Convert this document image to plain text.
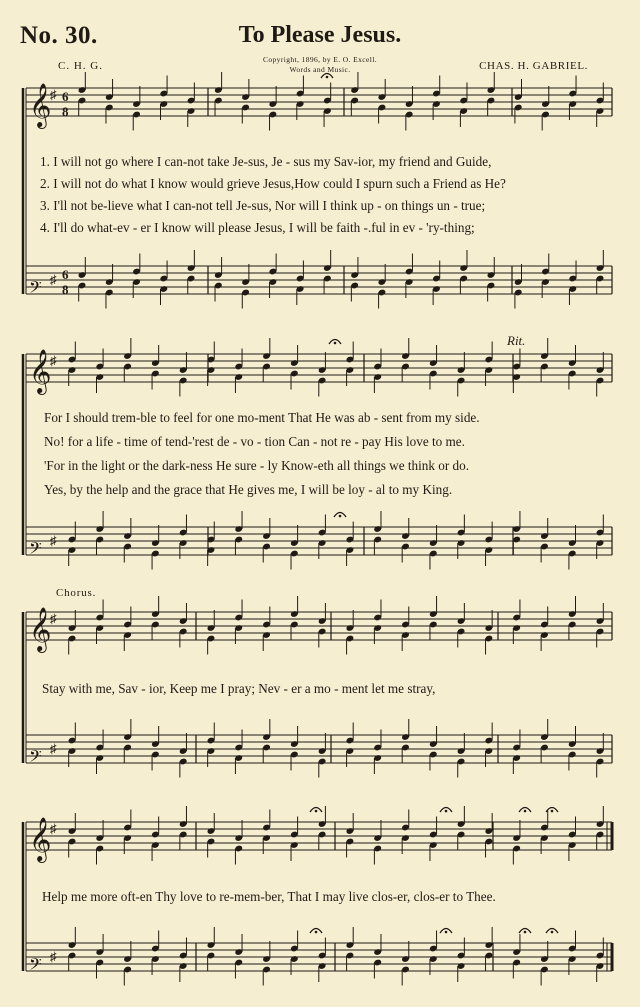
No. 30.	To Please Jesus.
C. H. G.
Copyright, 1896, by E. O. Excell.
Words and Music.	CHAS. H. GABRIEL.
𝄞
♯ 6
8
𝄢 ♯ 6
8
𝄞
♯
𝄢 ♯
𝄞
♯
𝄢 ♯
𝄞
♯
𝄢 ♯
1. I will not go where I can-not take Je-sus, Je - sus my Sav-ior, my friend and Guide,
2. I will not do what I know would grieve Jesus,How could I spurn such a Friend as He?
3. I'll not be-lieve what I can-not tell Je-sus, Nor will I think up - on things un - true;
4. I'll do what-ev - er I know will please Jesus, I will be faith -.ful in ev - 'ry-thing;
Rit.
For I should trem-ble to feel for one mo-ment That He was ab - sent from my side.
No! for a life - time of tend-'rest de - vo - tion Can - not re - pay His love to me.
'For in the light or the dark-ness He sure - ly Know-eth all things we think or do.
Yes, by the help and the grace that He gives me, I will be loy - al to my King.
Chorus.
Stay with me, Sav - ior, Keep me I pray; Nev - er a mo - ment let me stray,
Help me more oft-en Thy love to re-mem-ber, That I may live clos-er, clos-er to Thee.
